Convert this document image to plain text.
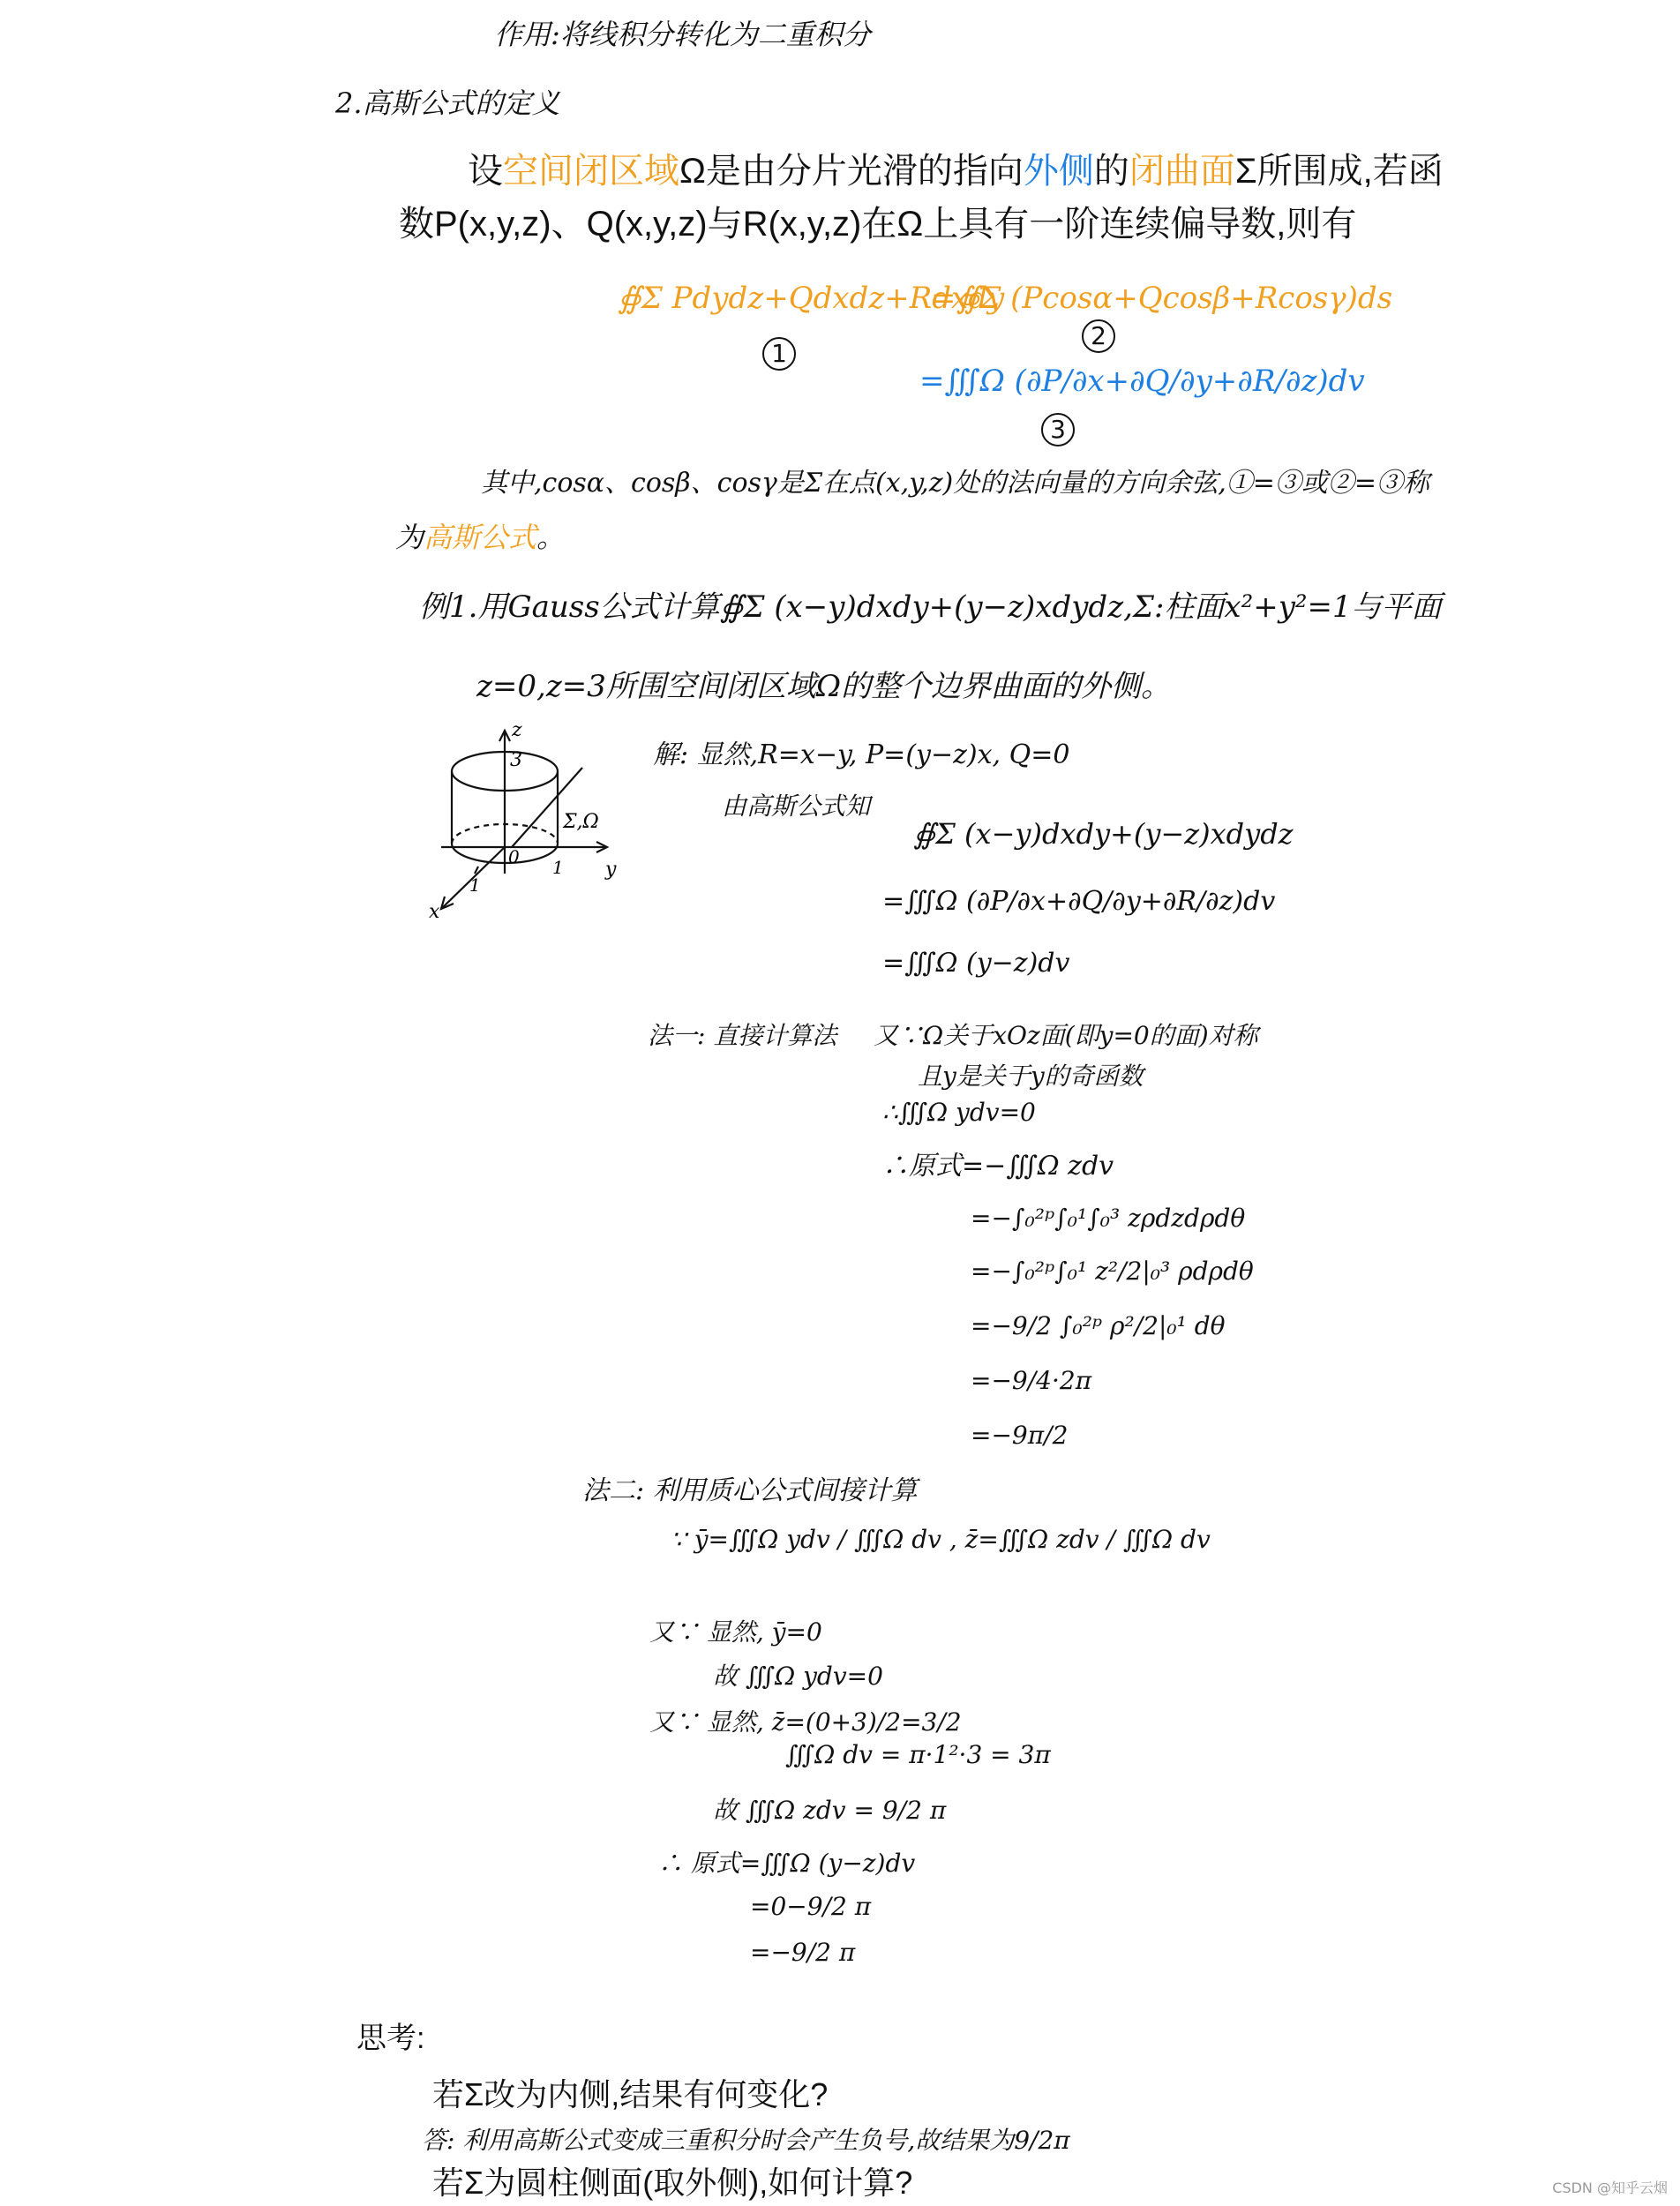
作用:将线积分转化为二重积分
2.高斯公式的定义
设空间闭区域Ω是由分片光滑的指向外侧的闭曲面Σ所围成,若函
数P(x,y,z)、Q(x,y,z)与R(x,y,z)在Ω上具有一阶连续偏导数,则有
∯Σ Pdydz+Qdxdz+Rdxdy
=∯Σ (Pcosα+Qcosβ+Rcosγ)ds
1
2
=∭Ω (∂P/∂x+∂Q/∂y+∂R/∂z)dv
3
其中,cosα、cosβ、cosγ是Σ在点(x,y,z)处的法向量的方向余弦,①=③或②=③称
为高斯公式。
例1.用Gauss公式计算∯Σ (x−y)dxdy+(y−z)xdydz,Σ:柱面x²+y²=1与平面
z=0,z=3所围空间闭区域Ω的整个边界曲面的外侧。
z
y
x
3
0
1
1
Σ,Ω
解: 显然,R=x−y, P=(y−z)x, Q=0
由高斯公式知
∯Σ (x−y)dxdy+(y−z)xdydz
=∭Ω (∂P/∂x+∂Q/∂y+∂R/∂z)dv
=∭Ω (y−z)dv
法一: 直接计算法 又∵Ω关于xOz面(即y=0的面)对称
且y是关于y的奇函数
∴∭Ω ydv=0
∴原式=−∭Ω zdv
=−∫₀²ᵖ∫₀¹∫₀³ zρdzdρdθ
=−∫₀²ᵖ∫₀¹ z²/2|₀³ ρdρdθ
=−9/2 ∫₀²ᵖ ρ²/2|₀¹ dθ
=−9/4·2π
=−9π/2
法二: 利用质心公式间接计算
∵ ȳ=∭Ω ydv / ∭Ω dv , z̄=∭Ω zdv / ∭Ω dv
又∵ 显然, ȳ=0
故 ∭Ω ydv=0
又∵ 显然, z̄=(0+3)/2=3/2
∭Ω dv = π·1²·3 = 3π
故 ∭Ω zdv = 9/2 π
∴ 原式=∭Ω (y−z)dv
=0−9/2 π
=−9/2 π
思考:
若Σ改为内侧,结果有何变化?
答: 利用高斯公式变成三重积分时会产生负号,故结果为9/2π
若Σ为圆柱侧面(取外侧),如何计算?	CSDN @知乎云烟
